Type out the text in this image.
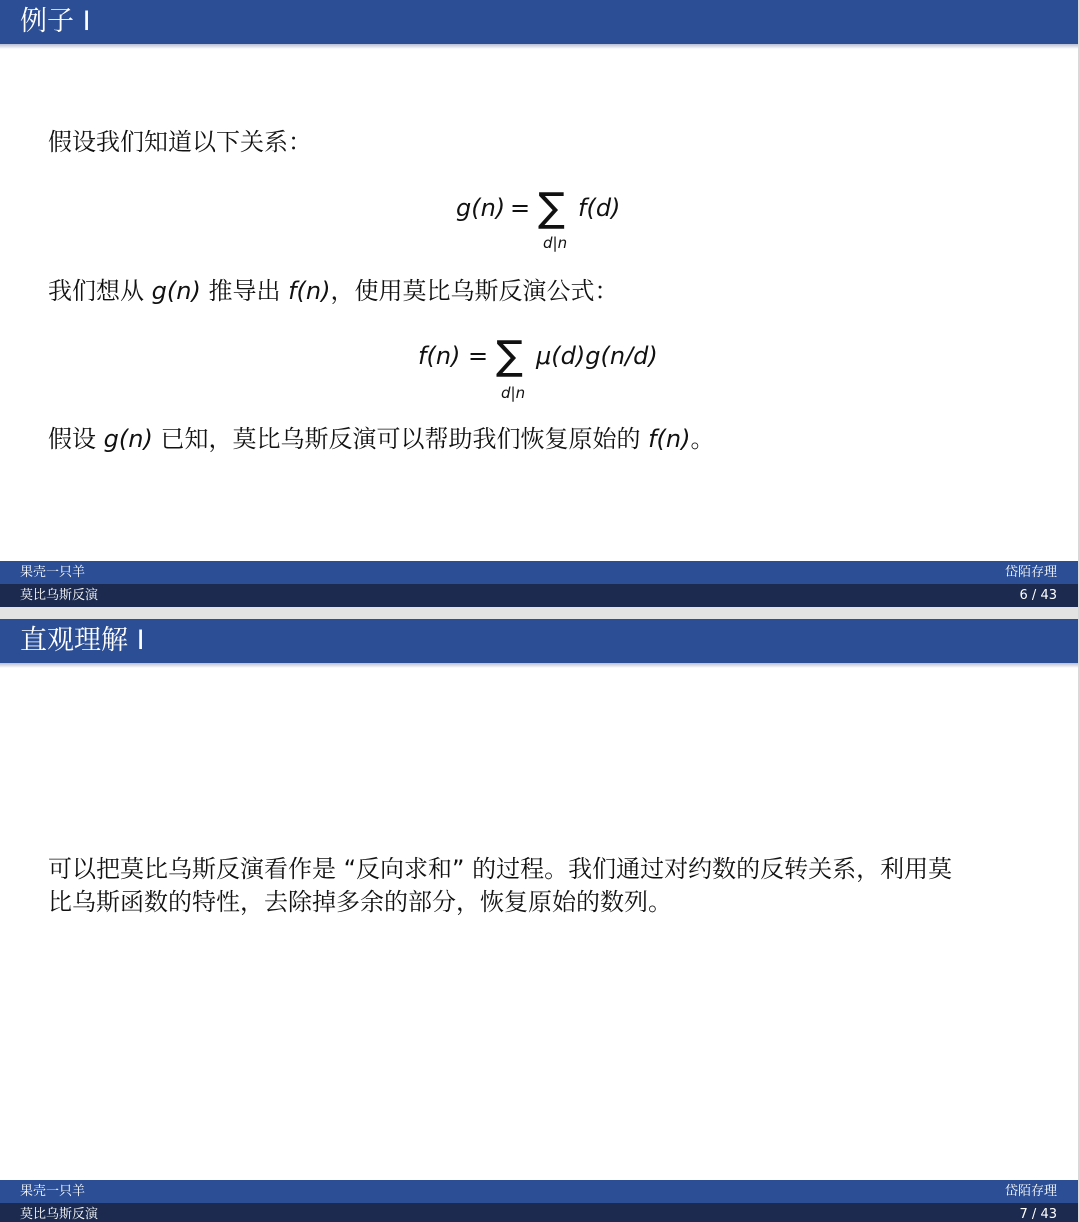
例子 I
假设我们知道以下关系：
g(n) = ∑ f(d)
d|n
我们想从 g(n) 推导出 f(n)，使用莫比乌斯反演公式：
f(n) = ∑ μ(d)g(n/d)
d|n
假设 g(n) 已知，莫比乌斯反演可以帮助我们恢复原始的 f(n)。
果壳一只羊	岱陌存理
莫比乌斯反演	6 / 43
直观理解 I
可以把莫比乌斯反演看作是 “反向求和” 的过程。我们通过对约数的反转关系，利用莫
比乌斯函数的特性，去除掉多余的部分，恢复原始的数列。
果壳一只羊	岱陌存理
莫比乌斯反演	7 / 43
